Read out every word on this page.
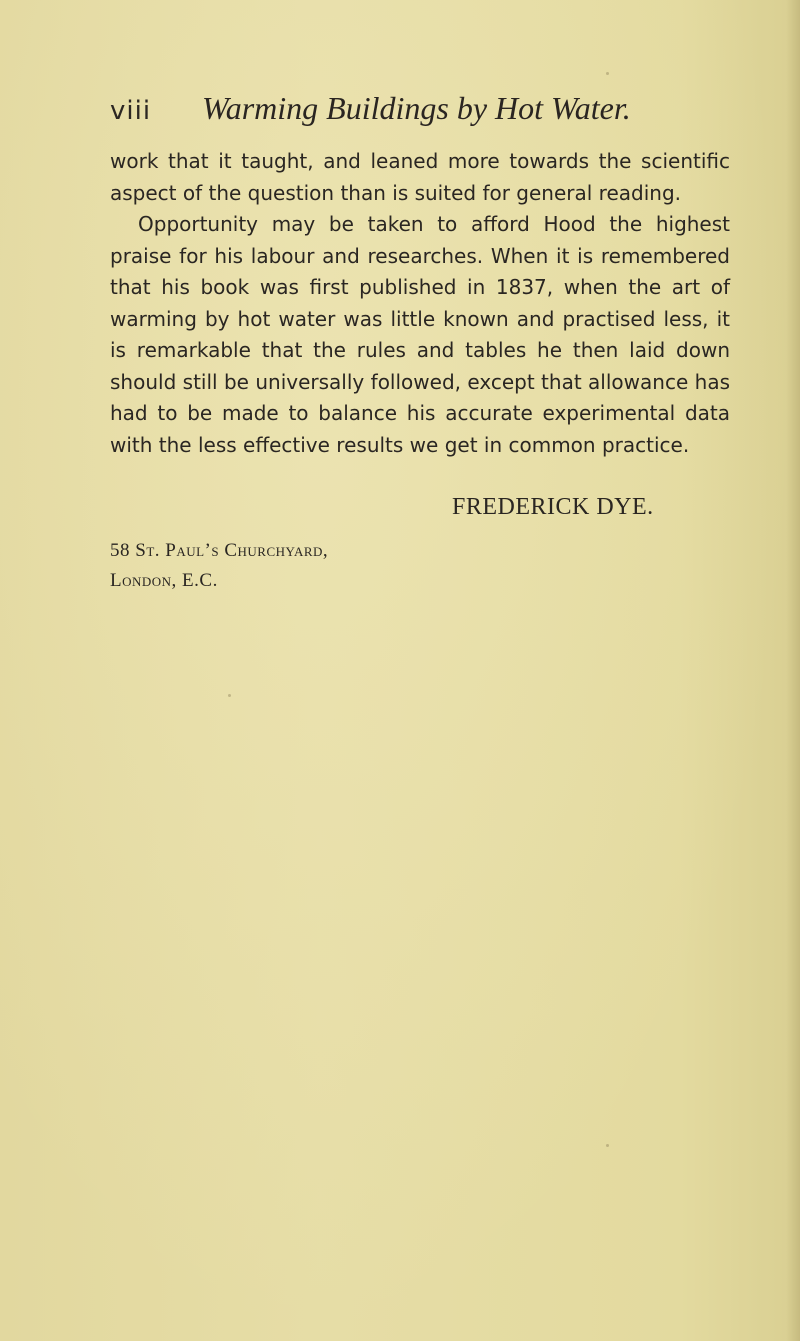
viii Warming Buildings by Hot Water.

work that it taught, and leaned more towards the scientific aspect of the question than is suited for general reading.

Opportunity may be taken to afford Hood the highest praise for his labour and researches. When it is remembered that his book was first published in 1837, when the art of warming by hot water was little known and practised less, it is remarkable that the rules and tables he then laid down should still be universally followed, except that allowance has had to be made to balance his accurate experimental data with the less effective results we get in common practice.

FREDERICK DYE.
58 St. Paul’s Churchyard,
London, E.C.
